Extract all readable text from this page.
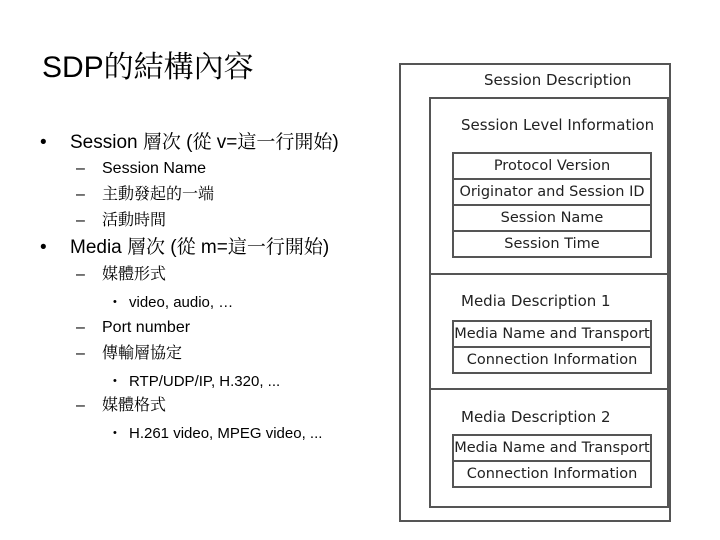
SDP的結構內容
• Session 層次 (從 v=這一行開始)
– Session Name
– 主動發起的一端
– 活動時間
• Media 層次 (從 m=這一行開始)
– 媒體形式
• video, audio, …
– Port number
– 傳輸層協定
• RTP/UDP/IP, H.320, ...
– 媒體格式
• H.261 video, MPEG video, ...
Session Description
Session Level Information
Protocol Version
Originator and Session ID
Session Name
Session Time
Media Description 1
Media Name and Transport
Connection Information
Media Description 2
Media Name and Transport
Connection Information
